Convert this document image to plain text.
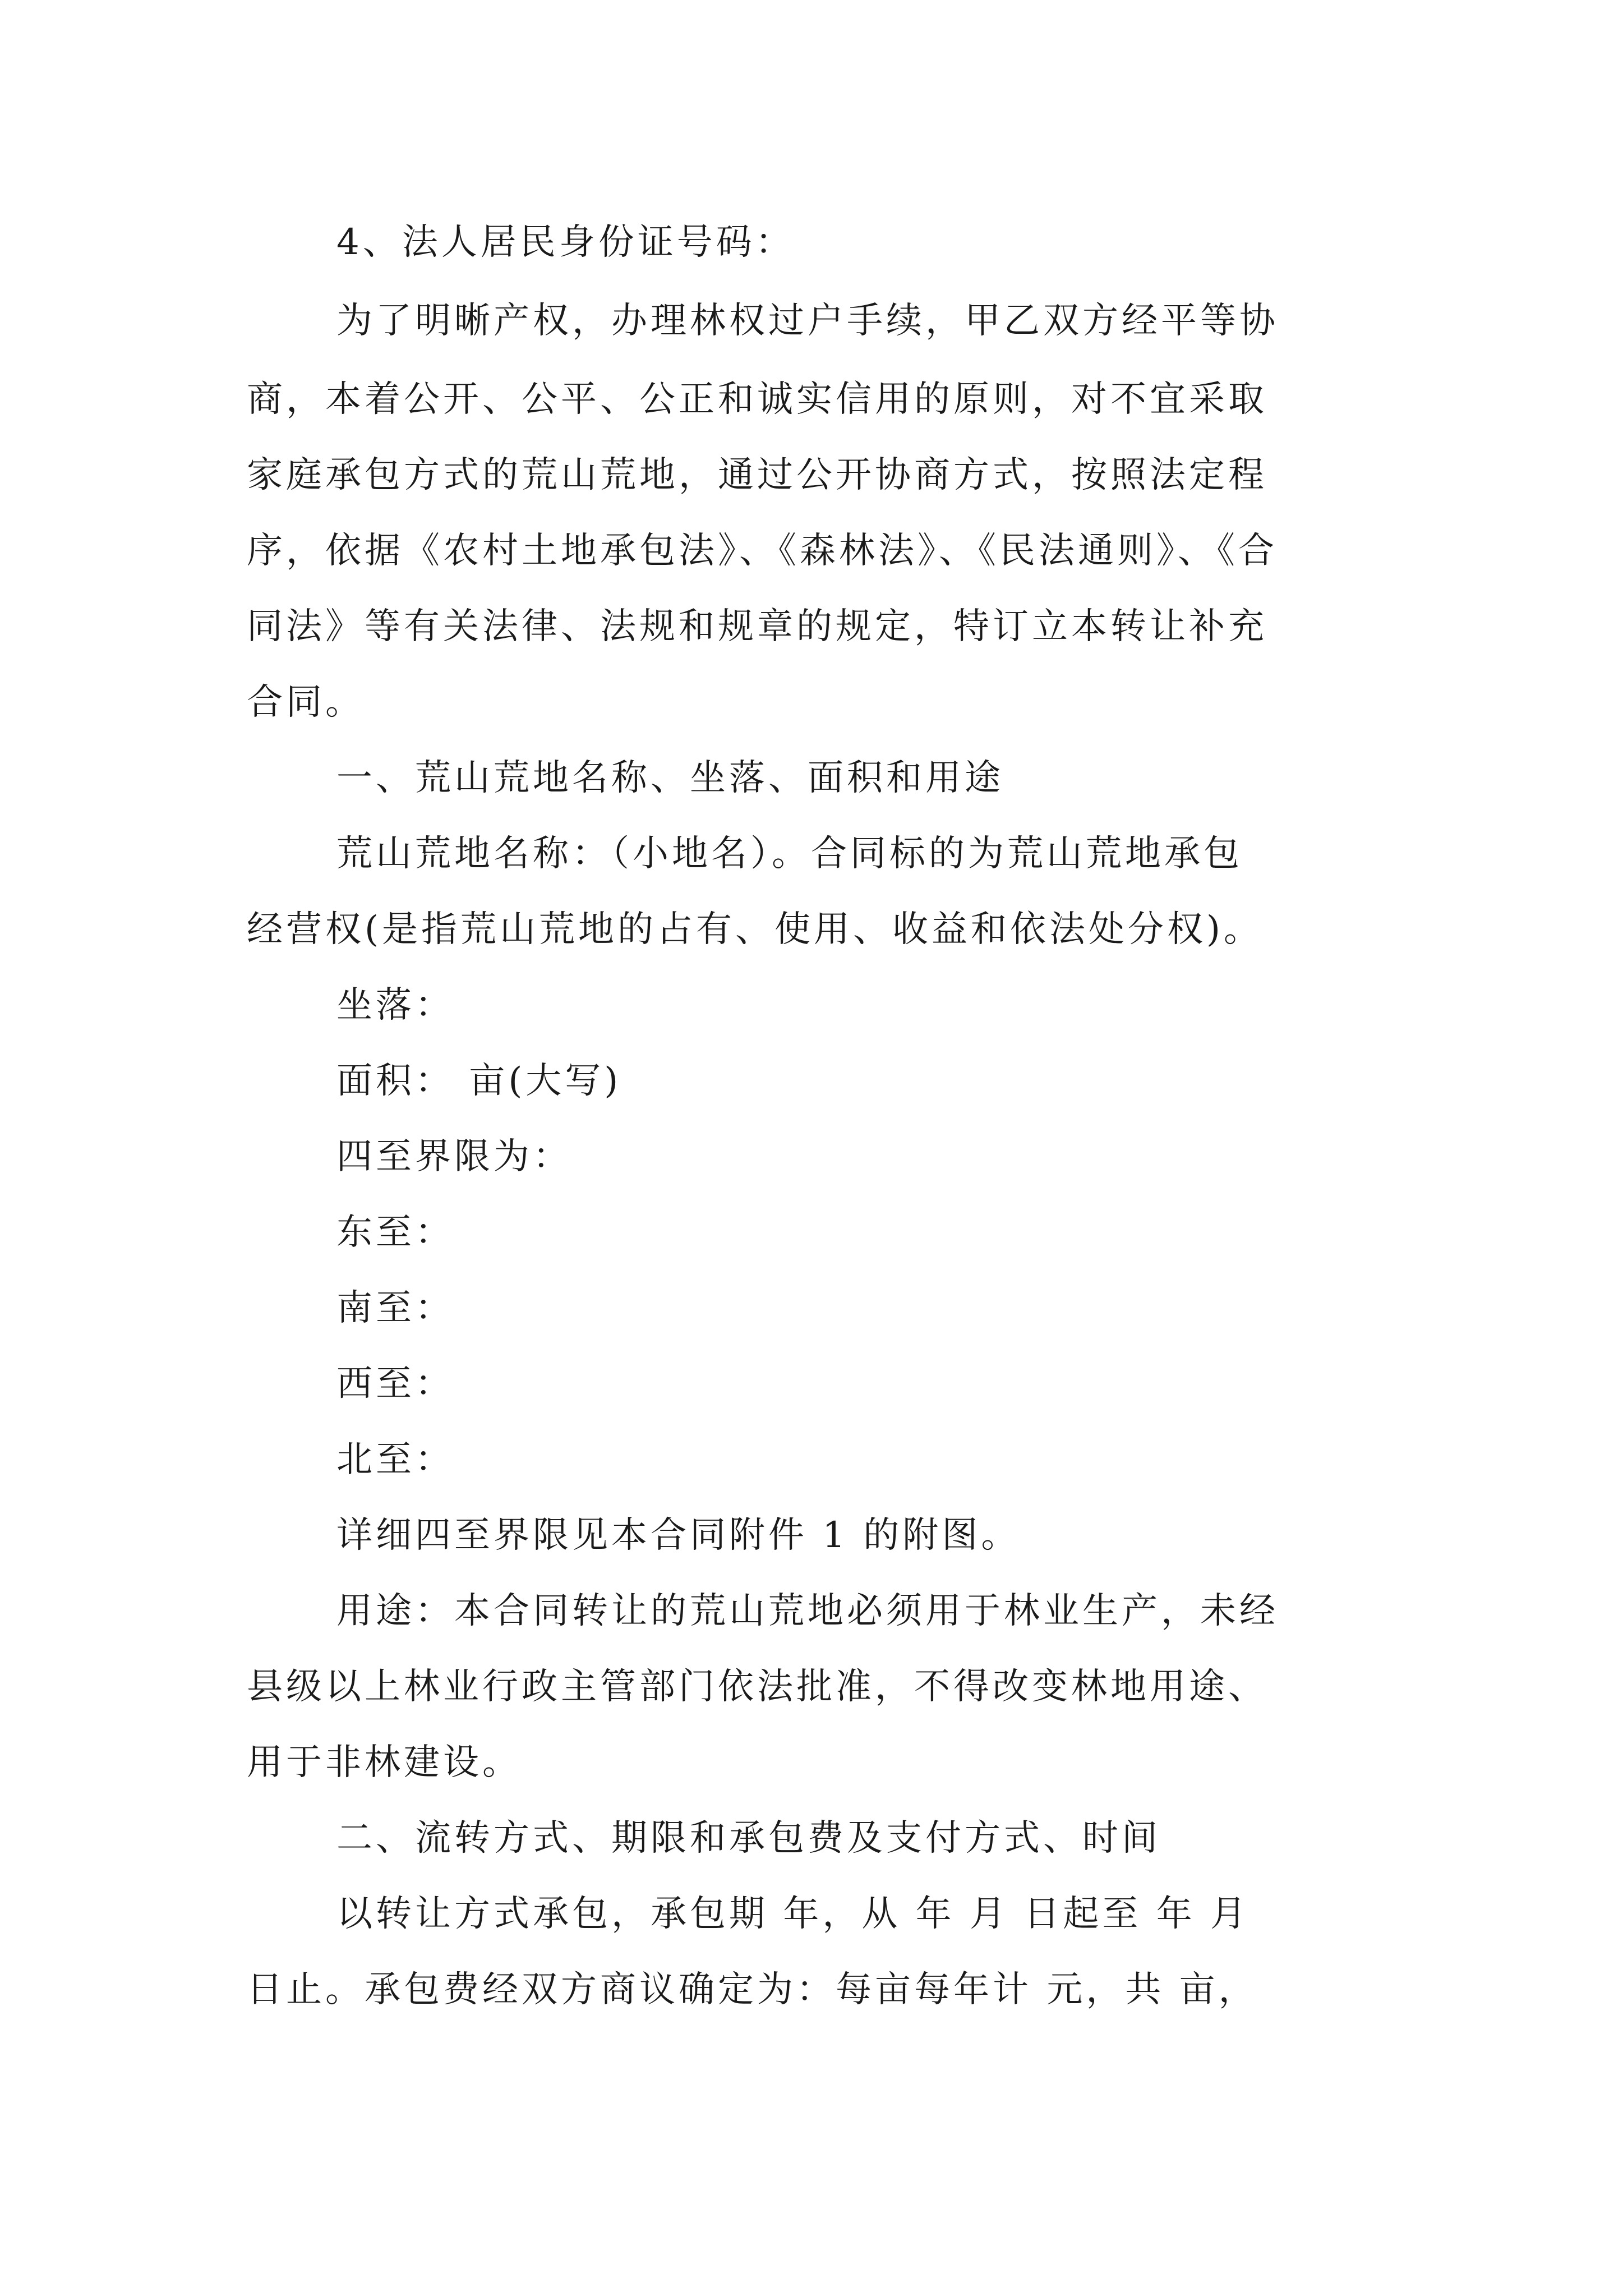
4、法人居民身份证号码：
为了明晰产权，办理林权过户手续，甲乙双方经平等协
商，本着公开、公平、公正和诚实信用的原则，对不宜采取
家庭承包方式的荒山荒地，通过公开协商方式，按照法定程
序，依据《农村土地承包法》、《森林法》、《民法通则》、《合
同法》等有关法律、法规和规章的规定，特订立本转让补充
合同。
一、荒山荒地名称、坐落、面积和用途
荒山荒地名称：（小地名）。合同标的为荒山荒地承包
经营权(是指荒山荒地的占有、使用、收益和依法处分权)。
坐落：
面积： 亩(大写)
四至界限为：
东至：
南至：
西至：
北至：
详细四至界限见本合同附件 1 的附图。
用途：本合同转让的荒山荒地必须用于林业生产，未经
县级以上林业行政主管部门依法批准，不得改变林地用途、
用于非林建设。
二、流转方式、期限和承包费及支付方式、时间
以转让方式承包，承包期 年，从 年 月 日起至 年 月
日止。承包费经双方商议确定为：每亩每年计 元，共 亩，
